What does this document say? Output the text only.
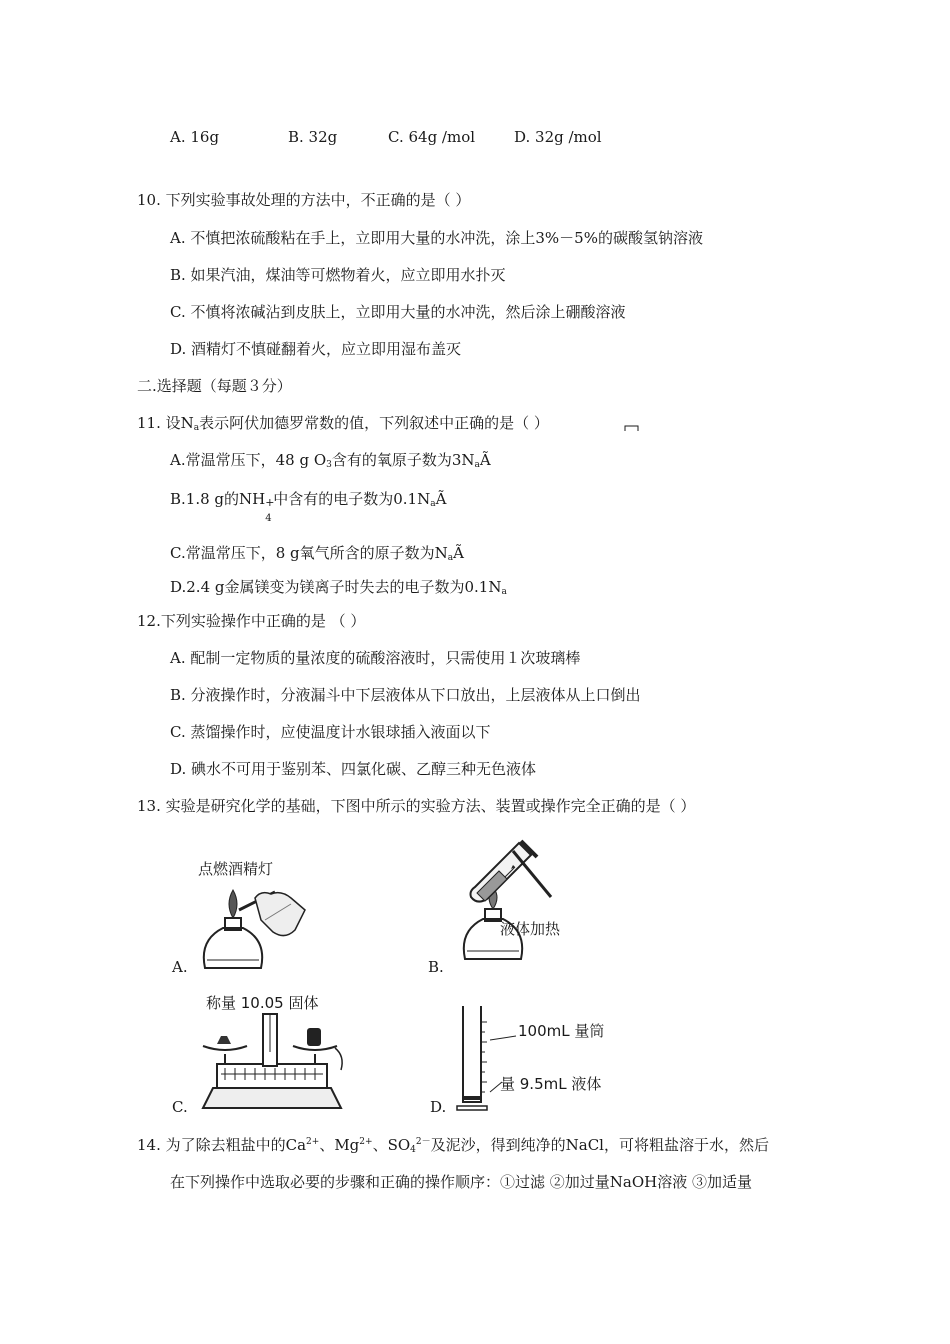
A. 16g	B. 32g	C. 64g /mol	D. 32g /mol
10. 下列实验事故处理的方法中，不正确的是（ ）
A. 不慎把浓硫酸粘在手上，立即用大量的水冲洗，涂上3%－5%的碳酸氢钠溶液
B. 如果汽油，煤油等可燃物着火，应立即用水扑灭
C. 不慎将浓碱沾到皮肤上，立即用大量的水冲洗，然后涂上硼酸溶液
D. 酒精灯不慎碰翻着火，应立即用湿布盖灭
二.选择题（每题３分）
11. 设$N_a$表示阿伏加德罗常数的值，下列叙述中正确的是（ ）
A.常温常压下，48 g $O_3$含有的氧原子数为$3N_aÃ$
B.1.8 g的NH +
4
中含有的电子数为$0.1N_aÃ$
C.常温常压下，8 g氧气所含的原子数为$N_aÃ$
D.2.4 g金属镁变为镁离子时失去的电子数为$0.1N_a$
12.下列实验操作中正确的是 （ ）
A. 配制一定物质的量浓度的硫酸溶液时，只需使用１次玻璃棒
B. 分液操作时，分液漏斗中下层液体从下口放出，上层液体从上口倒出
C. 蒸馏操作时，应使温度计水银球插入液面以下
D. 碘水不可用于鉴别苯、四氯化碳、乙醇三种无色液体
13. 实验是研究化学的基础，下图中所示的实验方法、装置或操作完全正确的是（ ）
点燃酒精灯
A.
液体加热
B.
称量 10.05 固体
C.
100mL 量筒
量 9.5mL 液体
D.
14. 为了除去粗盐中的$Ca^{2+}$、$Mg^{2+}$、$SO_4^{2-}$及泥沙，得到纯净的NaCl，可将粗盐溶于水，然后
在下列操作中选取必要的步骤和正确的操作顺序：①过滤 ②加过量NaOH溶液 ③加适量
